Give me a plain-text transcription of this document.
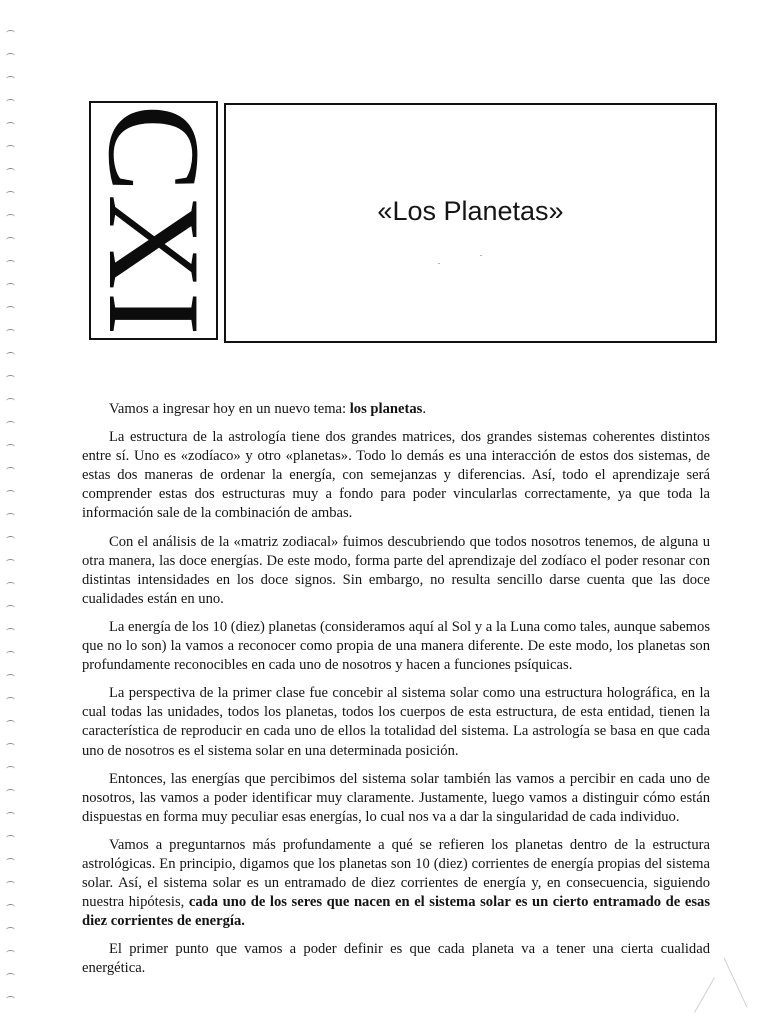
CXI	«Los Planetas»

Vamos a ingresar hoy en un nuevo tema: los planetas.

La estructura de la astrología tiene dos grandes matrices, dos grandes sistemas coherentes distintos entre sí. Uno es «zodíaco» y otro «planetas». Todo lo demás es una interacción de estos dos sistemas, de estas dos maneras de ordenar la energía, con semejanzas y diferencias. Así, todo el aprendizaje será comprender estas dos estructuras muy a fondo para poder vincularlas correctamente, ya que toda la información sale de la combinación de ambas.

Con el análisis de la «matriz zodiacal» fuimos descubriendo que todos nosotros tenemos, de alguna u otra manera, las doce energías. De este modo, forma parte del aprendizaje del zodíaco el poder resonar con distintas intensidades en los doce signos. Sin embargo, no resulta sencillo darse cuenta que las doce cualidades están en uno.

La energía de los 10 (diez) planetas (consideramos aquí al Sol y a la Luna como tales, aunque sabemos que no lo son) la vamos a reconocer como propia de una manera diferente. De este modo, los planetas son profundamente reconocibles en cada uno de nosotros y hacen a funciones psíquicas.

La perspectiva de la primer clase fue concebir al sistema solar como una estructura holográfica, en la cual todas las unidades, todos los planetas, todos los cuerpos de esta estructura, de esta entidad, tienen la característica de reproducir en cada uno de ellos la totalidad del sistema. La astrología se basa en que cada uno de nosotros es el sistema solar en una determinada posición.

Entonces, las energías que percibimos del sistema solar también las vamos a percibir en cada uno de nosotros, las vamos a poder identificar muy claramente. Justamente, luego vamos a distinguir cómo están dispuestas en forma muy peculiar esas energías, lo cual nos va a dar la singularidad de cada individuo.

Vamos a preguntarnos más profundamente a qué se refieren los planetas dentro de la estructura astrológicas. En principio, digamos que los planetas son 10 (diez) corrientes de energía propias del sistema solar. Así, el sistema solar es un entramado de diez corrientes de energía y, en consecuencia, siguiendo nuestra hipótesis, cada uno de los seres que nacen en el sistema solar es un cierto entramado de esas diez corrientes de energía.

El primer punto que vamos a poder definir es que cada planeta va a tener una cierta cualidad energética.
